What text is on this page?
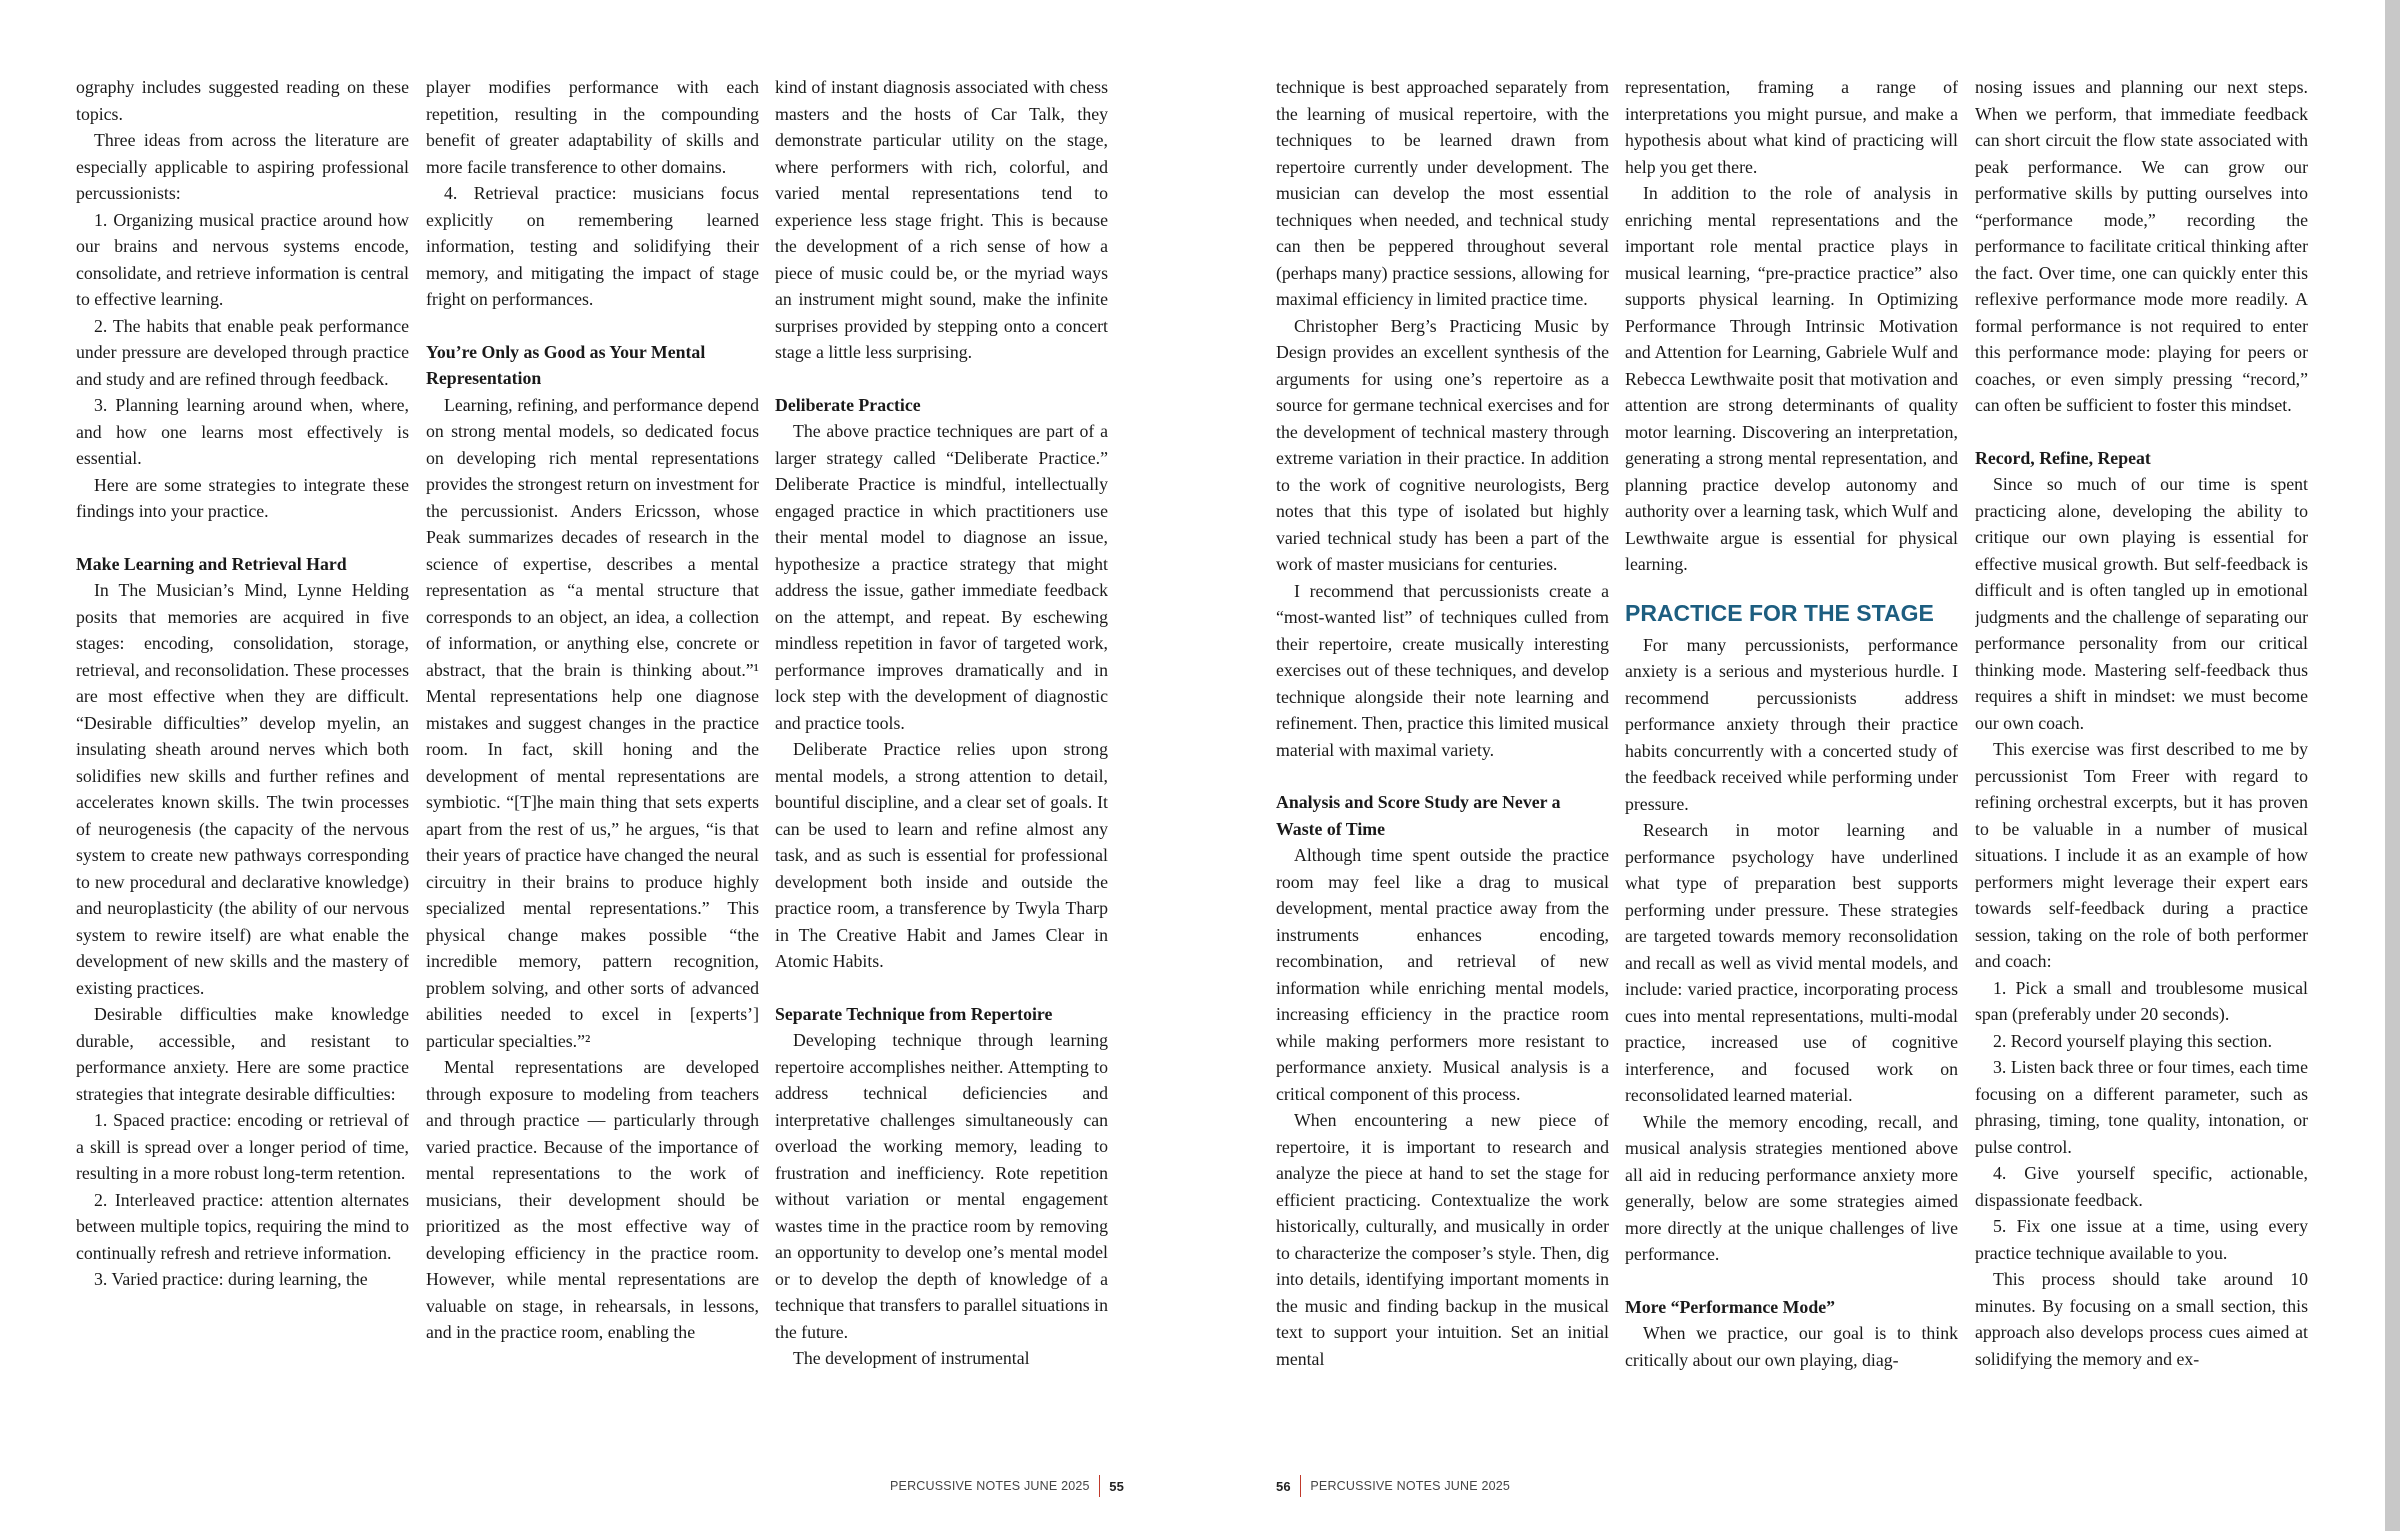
ography includes suggested reading on these topics.

Three ideas from across the literature are especially applicable to aspiring professional percussionists:

1. Organizing musical practice around how our brains and nervous systems encode, consolidate, and retrieve information is central to effective learning.

2. The habits that enable peak performance under pressure are developed through practice and study and are refined through feedback.

3. Planning learning around when, where, and how one learns most effectively is essential.

Here are some strategies to integrate these findings into your practice.

Make Learning and Retrieval Hard

In The Musician’s Mind, Lynne Helding posits that memories are acquired in five stages: encoding, consolidation, storage, retrieval, and reconsolidation. These processes are most effective when they are difficult. “Desirable difficulties” develop myelin, an insulating sheath around nerves which both solidifies new skills and further refines and accelerates known skills. The twin processes of neurogenesis (the capacity of the nervous system to create new pathways corresponding to new procedural and declarative knowledge) and neuroplasticity (the ability of our nervous system to rewire itself) are what enable the development of new skills and the mastery of existing practices.

Desirable difficulties make knowledge durable, accessible, and resistant to performance anxiety. Here are some practice strategies that integrate desirable difficulties:

1. Spaced practice: encoding or retrieval of a skill is spread over a longer period of time, resulting in a more robust long-term retention.

2. Interleaved practice: attention alternates between multiple topics, requiring the mind to continually refresh and retrieve information.

3. Varied practice: during learning, the

player modifies performance with each repetition, resulting in the compounding benefit of greater adaptability of skills and more facile transference to other domains.

4. Retrieval practice: musicians focus explicitly on remembering learned information, testing and solidifying their memory, and mitigating the impact of stage fright on performances.

You’re Only as Good as Your Mental Representation

Learning, refining, and performance depend on strong mental models, so dedicated focus on developing rich mental representations provides the strongest return on investment for the percussionist. Anders Ericsson, whose Peak summarizes decades of research in the science of expertise, describes a mental representation as “a mental structure that corresponds to an object, an idea, a collection of information, or anything else, concrete or abstract, that the brain is thinking about.”¹ Mental representations help one diagnose mistakes and suggest changes in the practice room. In fact, skill honing and the development of mental representations are symbiotic. “[T]he main thing that sets experts apart from the rest of us,” he argues, “is that their years of practice have changed the neural circuitry in their brains to produce highly specialized mental representations.” This physical change makes possible “the incredible memory, pattern recognition, problem solving, and other sorts of advanced abilities needed to excel in [experts’] particular specialties.”²

Mental representations are developed through exposure to modeling from teachers and through practice — particularly through varied practice. Because of the importance of mental representations to the work of musicians, their development should be prioritized as the most effective way of developing efficiency in the practice room. However, while mental representations are valuable on stage, in rehearsals, in lessons, and in the practice room, enabling the

kind of instant diagnosis associated with chess masters and the hosts of Car Talk, they demonstrate particular utility on the stage, where performers with rich, colorful, and varied mental representations tend to experience less stage fright. This is because the development of a rich sense of how a piece of music could be, or the myriad ways an instrument might sound, make the infinite surprises provided by stepping onto a concert stage a little less surprising.

Deliberate Practice

The above practice techniques are part of a larger strategy called “Deliberate Practice.” Deliberate Practice is mindful, intellectually engaged practice in which practitioners use their mental model to diagnose an issue, hypothesize a practice strategy that might address the issue, gather immediate feedback on the attempt, and repeat. By eschewing mindless repetition in favor of targeted work, performance improves dramatically and in lock step with the development of diagnostic and practice tools.

Deliberate Practice relies upon strong mental models, a strong attention to detail, bountiful discipline, and a clear set of goals. It can be used to learn and refine almost any task, and as such is essential for professional development both inside and outside the practice room, a transference by Twyla Tharp in The Creative Habit and James Clear in Atomic Habits.

Separate Technique from Repertoire

Developing technique through learning repertoire accomplishes neither. Attempting to address technical deficiencies and interpretative challenges simultaneously can overload the working memory, leading to frustration and inefficiency. Rote repetition without variation or mental engagement wastes time in the practice room by removing an opportunity to develop one’s mental model or to develop the depth of knowledge of a technique that transfers to parallel situations in the future.

The development of instrumental

technique is best approached separately from the learning of musical repertoire, with the techniques to be learned drawn from repertoire currently under development. The musician can develop the most essential techniques when needed, and technical study can then be peppered throughout several (perhaps many) practice sessions, allowing for maximal efficiency in limited practice time.

Christopher Berg’s Practicing Music by Design provides an excellent synthesis of the arguments for using one’s repertoire as a source for germane technical exercises and for the development of technical mastery through extreme variation in their practice. In addition to the work of cognitive neurologists, Berg notes that this type of isolated but highly varied technical study has been a part of the work of master musicians for centuries.

I recommend that percussionists create a “most-wanted list” of techniques culled from their repertoire, create musically interesting exercises out of these techniques, and develop technique alongside their note learning and refinement. Then, practice this limited musical material with maximal variety.

Analysis and Score Study are Never a Waste of Time

Although time spent outside the practice room may feel like a drag to musical development, mental practice away from the instruments enhances encoding, recombination, and retrieval of new information while enriching mental models, increasing efficiency in the practice room while making performers more resistant to performance anxiety. Musical analysis is a critical component of this process.

When encountering a new piece of repertoire, it is important to research and analyze the piece at hand to set the stage for efficient practicing. Contextualize the work historically, culturally, and musically in order to characterize the composer’s style. Then, dig into details, identifying important moments in the music and finding backup in the musical text to support your intuition. Set an initial mental

representation, framing a range of interpretations you might pursue, and make a hypothesis about what kind of practicing will help you get there.

In addition to the role of analysis in enriching mental representations and the important role mental practice plays in musical learning, “pre-practice practice” also supports physical learning. In Optimizing Performance Through Intrinsic Motivation and Attention for Learning, Gabriele Wulf and Rebecca Lewthwaite posit that motivation and attention are strong determinants of quality motor learning. Discovering an interpretation, generating a strong mental representation, and planning practice develop autonomy and authority over a learning task, which Wulf and Lewthwaite argue is essential for physical learning.

PRACTICE FOR THE STAGE

For many percussionists, performance anxiety is a serious and mysterious hurdle. I recommend percussionists address performance anxiety through their practice habits concurrently with a concerted study of the feedback received while performing under pressure.

Research in motor learning and performance psychology have underlined what type of preparation best supports performing under pressure. These strategies are targeted towards memory reconsolidation and recall as well as vivid mental models, and include: varied practice, incorporating process cues into mental representations, multi-modal practice, increased use of cognitive interference, and focused work on reconsolidated learned material.

While the memory encoding, recall, and musical analysis strategies mentioned above all aid in reducing performance anxiety more generally, below are some strategies aimed more directly at the unique challenges of live performance.

More “Performance Mode”

When we practice, our goal is to think critically about our own playing, diag-

nosing issues and planning our next steps. When we perform, that immediate feedback can short circuit the flow state associated with peak performance. We can grow our performative skills by putting ourselves into “performance mode,” recording the performance to facilitate critical thinking after the fact. Over time, one can quickly enter this reflexive performance mode more readily. A formal performance is not required to enter this performance mode: playing for peers or coaches, or even simply pressing “record,” can often be sufficient to foster this mindset.

Record, Refine, Repeat

Since so much of our time is spent practicing alone, developing the ability to critique our own playing is essential for effective musical growth. But self-feedback is difficult and is often tangled up in emotional judgments and the challenge of separating our performance personality from our critical thinking mode. Mastering self-feedback thus requires a shift in mindset: we must become our own coach.

This exercise was first described to me by percussionist Tom Freer with regard to refining orchestral excerpts, but it has proven to be valuable in a number of musical situations. I include it as an example of how performers might leverage their expert ears towards self-feedback during a practice session, taking on the role of both performer and coach:

1. Pick a small and troublesome musical span (preferably under 20 seconds).

2. Record yourself playing this section.

3. Listen back three or four times, each time focusing on a different parameter, such as phrasing, timing, tone quality, intonation, or pulse control.

4. Give yourself specific, actionable, dispassionate feedback.

5. Fix one issue at a time, using every practice technique available to you.

This process should take around 10 minutes. By focusing on a small section, this approach also develops process cues aimed at solidifying the memory and ex-

PERCUSSIVE NOTES JUNE 2025 55	56 PERCUSSIVE NOTES JUNE 2025
